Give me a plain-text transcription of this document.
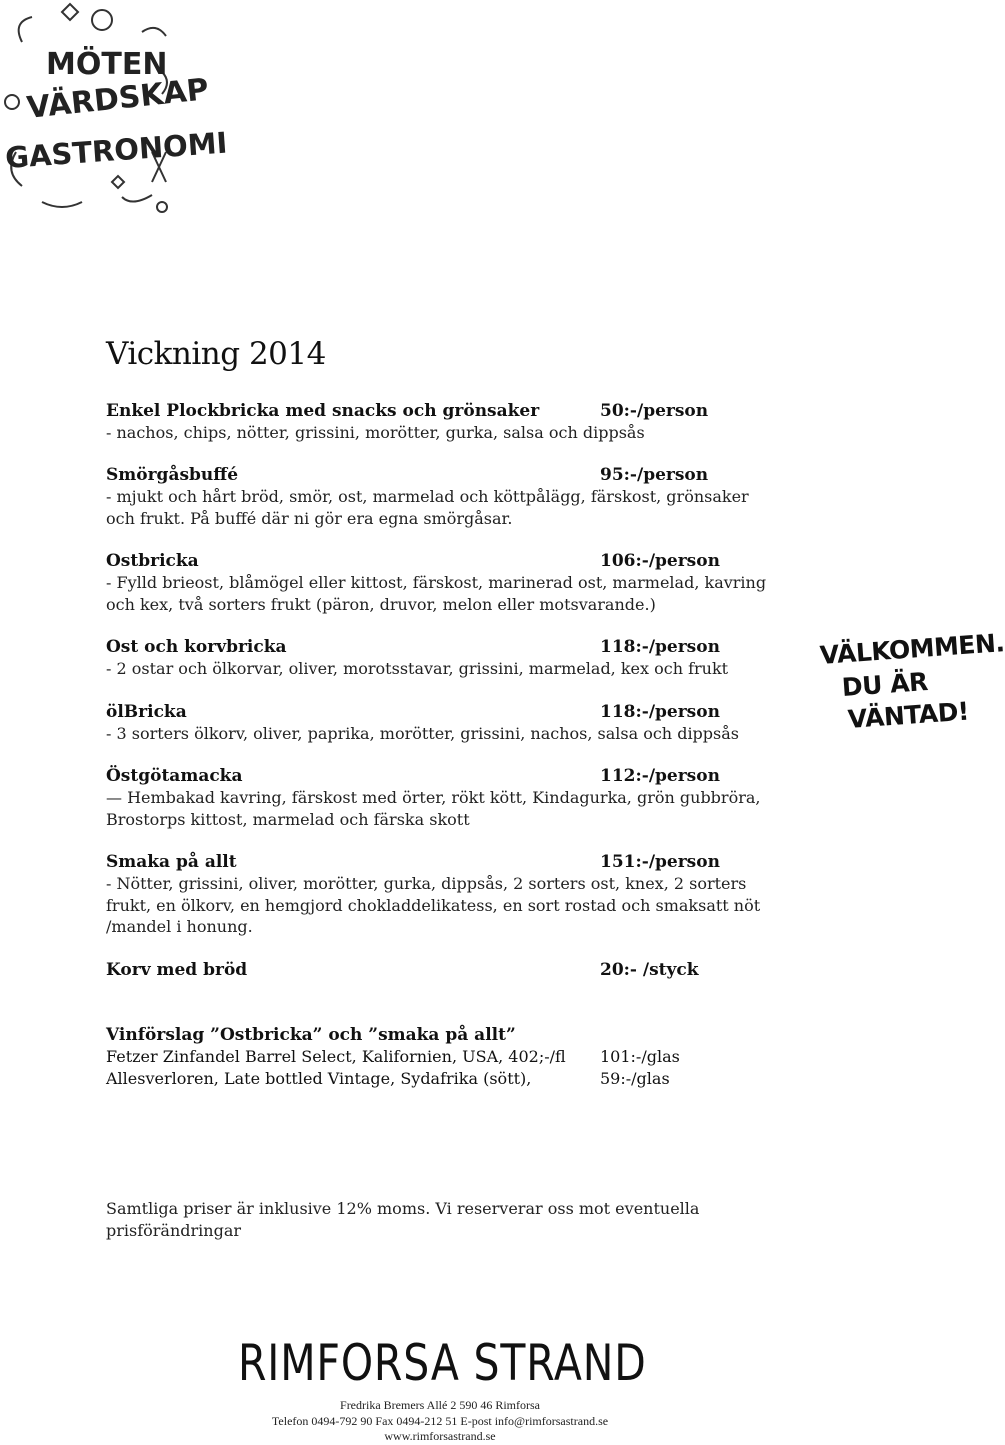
MÖTEN
VÄRDSKAP
GASTRONOMI
VÄLKOMMEN.
DU ÄR
VÄNTAD!
Vickning 2014
Enkel Plockbricka med snacks och grönsaker	50:-/person
- nachos, chips, nötter, grissini, morötter, gurka, salsa och dippsås
Smörgåsbuffé	95:-/person
- mjukt och hårt bröd, smör, ost, marmelad och köttpålägg, färskost, grönsaker
och frukt. På buffé där ni gör era egna smörgåsar.
Ostbricka	106:-/person
- Fylld brieost, blåmögel eller kittost, färskost, marinerad ost, marmelad, kavring
och kex, två sorters frukt (päron, druvor, melon eller motsvarande.)
Ost och korvbricka	118:-/person
- 2 ostar och ölkorvar, oliver, morotsstavar, grissini, marmelad, kex och frukt
ölBricka	118:-/person
- 3 sorters ölkorv, oliver, paprika, morötter, grissini, nachos, salsa och dippsås
Östgötamacka	112:-/person
— Hembakad kavring, färskost med örter, rökt kött, Kindagurka, grön gubbröra,
Brostorps kittost, marmelad och färska skott
Smaka på allt	151:-/person
- Nötter, grissini, oliver, morötter, gurka, dippsås, 2 sorters ost, knex, 2 sorters
frukt, en ölkorv, en hemgjord chokladdelikatess, en sort rostad och smaksatt nöt
/mandel i honung.
Korv med bröd	20:- /styck
Vinförslag ”Ostbricka” och ”smaka på allt”
Fetzer Zinfandel Barrel Select, Kalifornien, USA, 402;-/fl 101:-/glas
Allesverloren, Late bottled Vintage, Sydafrika (sött),	59:-/glas
Samtliga priser är inklusive 12% moms. Vi reserverar oss mot eventuella prisförändringar
RIMFORSA STRAND
Fredrika Bremers Allé 2 590 46 Rimforsa
Telefon 0494-792 90 Fax 0494-212 51 E-post info@rimforsastrand.se
www.rimforsastrand.se
